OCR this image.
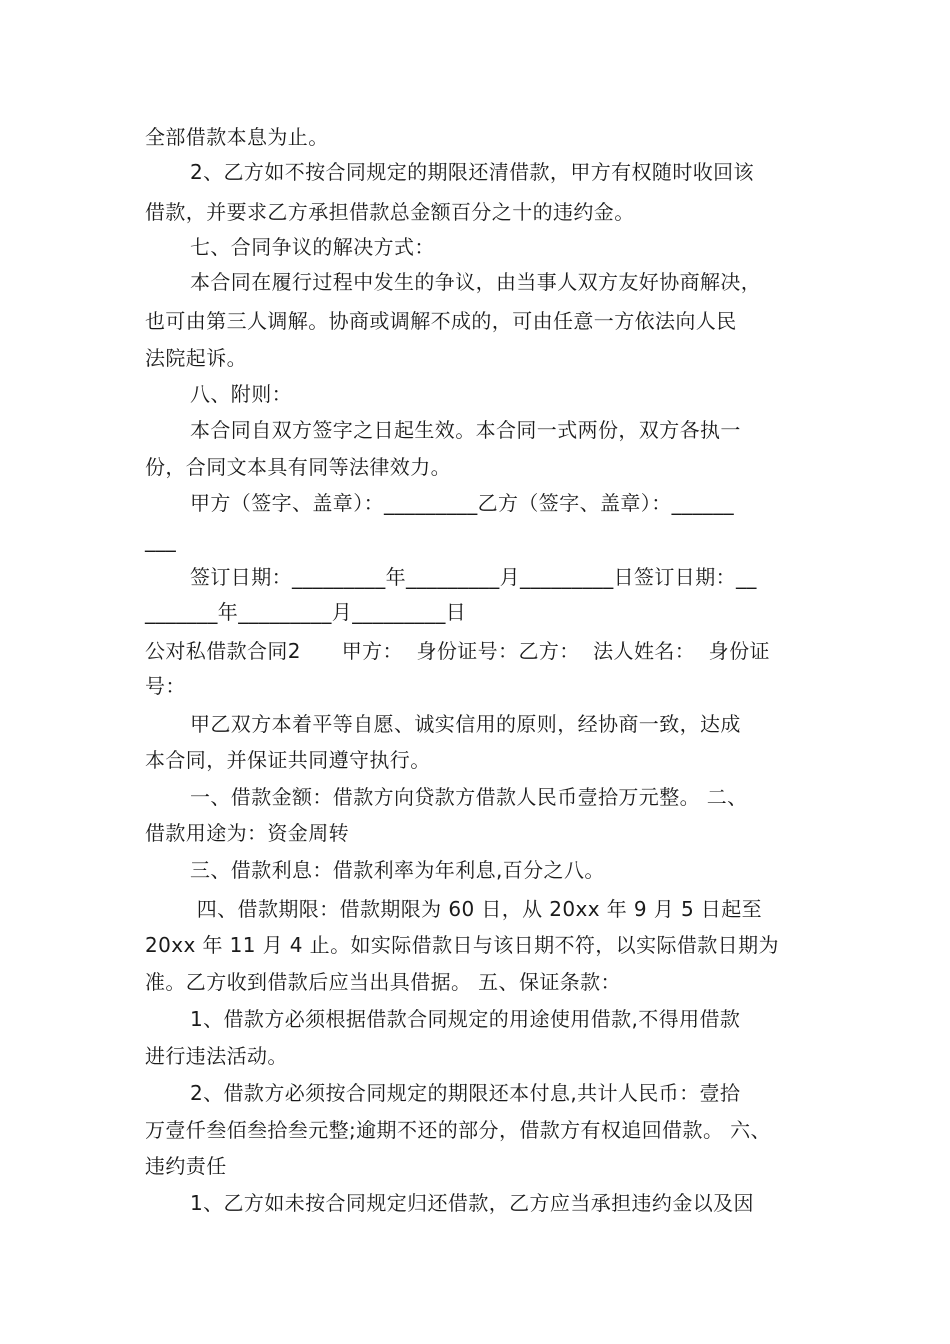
全部借款本息为止。
2、乙方如不按合同规定的期限还清借款，甲方有权随时收回该
借款，并要求乙方承担借款总金额百分之十的违约金。
七、合同争议的解决方式：
本合同在履行过程中发生的争议，由当事人双方友好协商解决，
也可由第三人调解。协商或调解不成的，可由任意一方依法向人民
法院起诉。
八、附则：
本合同自双方签字之日起生效。本合同一式两份，双方各执一
份，合同文本具有同等法律效力。
甲方（签字、盖章）：_________乙方（签字、盖章）：______
___
签订日期：_________年_________月_________日签订日期：__
_______年_________月_________日
公对私借款合同2　　甲方：  身份证号：乙方：  法人姓名：  身份证
号：
甲乙双方本着平等自愿、诚实信用的原则，经协商一致，达成
本合同，并保证共同遵守执行。
一、借款金额：借款方向贷款方借款人民币壹拾万元整。 二、
借款用途为：资金周转
三、借款利息：借款利率为年利息,百分之八。
四、借款期限：借款期限为 60 日，从 20xx 年 9 月 5 日起至
20xx 年 11 月 4 止。如实际借款日与该日期不符，以实际借款日期为
准。乙方收到借款后应当出具借据。 五、保证条款：
1、借款方必须根据借款合同规定的用途使用借款,不得用借款
进行违法活动。
2、借款方必须按合同规定的期限还本付息,共计人民币：壹拾
万壹仟叁佰叁拾叁元整;逾期不还的部分，借款方有权追回借款。 六、
违约责任
1、乙方如未按合同规定归还借款，乙方应当承担违约金以及因
